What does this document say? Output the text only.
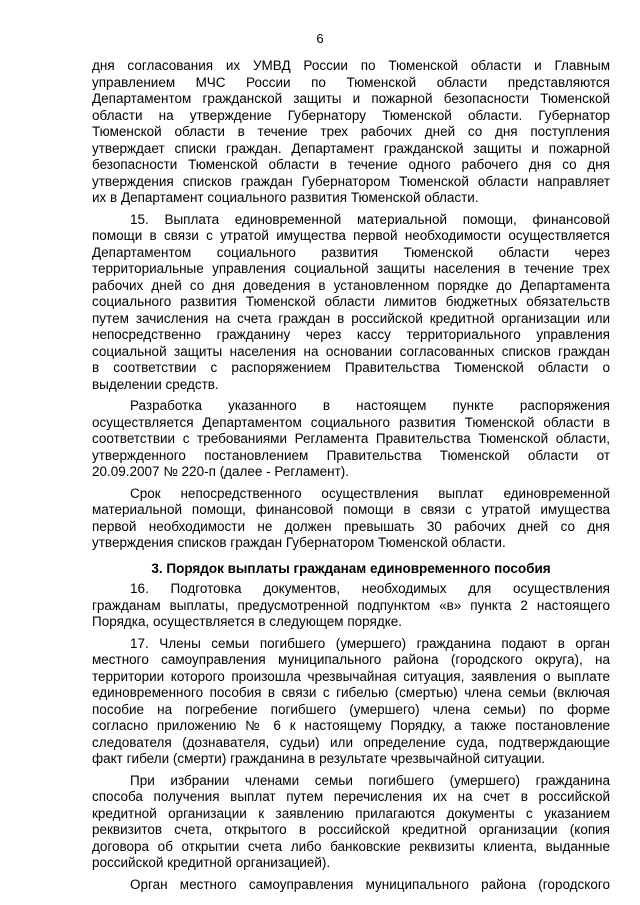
6
дня согласования их УМВД России по Тюменской области и Главным
управлением МЧС России по Тюменской области представляются
Департаментом гражданской защиты и пожарной безопасности Тюменской
области на утверждение Губернатору Тюменской области. Губернатор
Тюменской области в течение трех рабочих дней со дня поступления
утверждает списки граждан. Департамент гражданской защиты и пожарной
безопасности Тюменской области в течение одного рабочего дня со дня
утверждения списков граждан Губернатором Тюменской области направляет
их в Департамент социального развития Тюменской области.
15. Выплата единовременной материальной помощи, финансовой
помощи в связи с утратой имущества первой необходимости осуществляется
Департаментом социального развития Тюменской области через
территориальные управления социальной защиты населения в течение трех
рабочих дней со дня доведения в установленном порядке до Департамента
социального развития Тюменской области лимитов бюджетных обязательств
путем зачисления на счета граждан в российской кредитной организации или
непосредственно гражданину через кассу территориального управления
социальной защиты населения на основании согласованных списков граждан
в соответствии с распоряжением Правительства Тюменской области о
выделении средств.
Разработка указанного в настоящем пункте распоряжения
осуществляется Департаментом социального развития Тюменской области в
соответствии с требованиями Регламента Правительства Тюменской области,
утвержденного постановлением Правительства Тюменской области от
20.09.2007 № 220-п (далее - Регламент).
Срок непосредственного осуществления выплат единовременной
материальной помощи, финансовой помощи в связи с утратой имущества
первой необходимости не должен превышать 30 рабочих дней со дня
утверждения списков граждан Губернатором Тюменской области.
3. Порядок выплаты гражданам единовременного пособия
16. Подготовка документов, необходимых для осуществления
гражданам выплаты, предусмотренной подпунктом «в» пункта 2 настоящего
Порядка, осуществляется в следующем порядке.
17. Члены семьи погибшего (умершего) гражданина подают в орган
местного самоуправления муниципального района (городского округа), на
территории которого произошла чрезвычайная ситуация, заявления о выплате
единовременного пособия в связи с гибелью (смертью) члена семьи (включая
пособие на погребение погибшего (умершего) члена семьи) по форме
согласно приложению № 6 к настоящему Порядку, а также постановление
следователя (дознавателя, судьи) или определение суда, подтверждающие
факт гибели (смерти) гражданина в результате чрезвычайной ситуации.
При избрании членами семьи погибшего (умершего) гражданина
способа получения выплат путем перечисления их на счет в российской
кредитной организации к заявлению прилагаются документы с указанием
реквизитов счета, открытого в российской кредитной организации (копия
договора об открытии счета либо банковские реквизиты клиента, выданные
российской кредитной организацией).
Орган местного самоуправления муниципального района (городского
